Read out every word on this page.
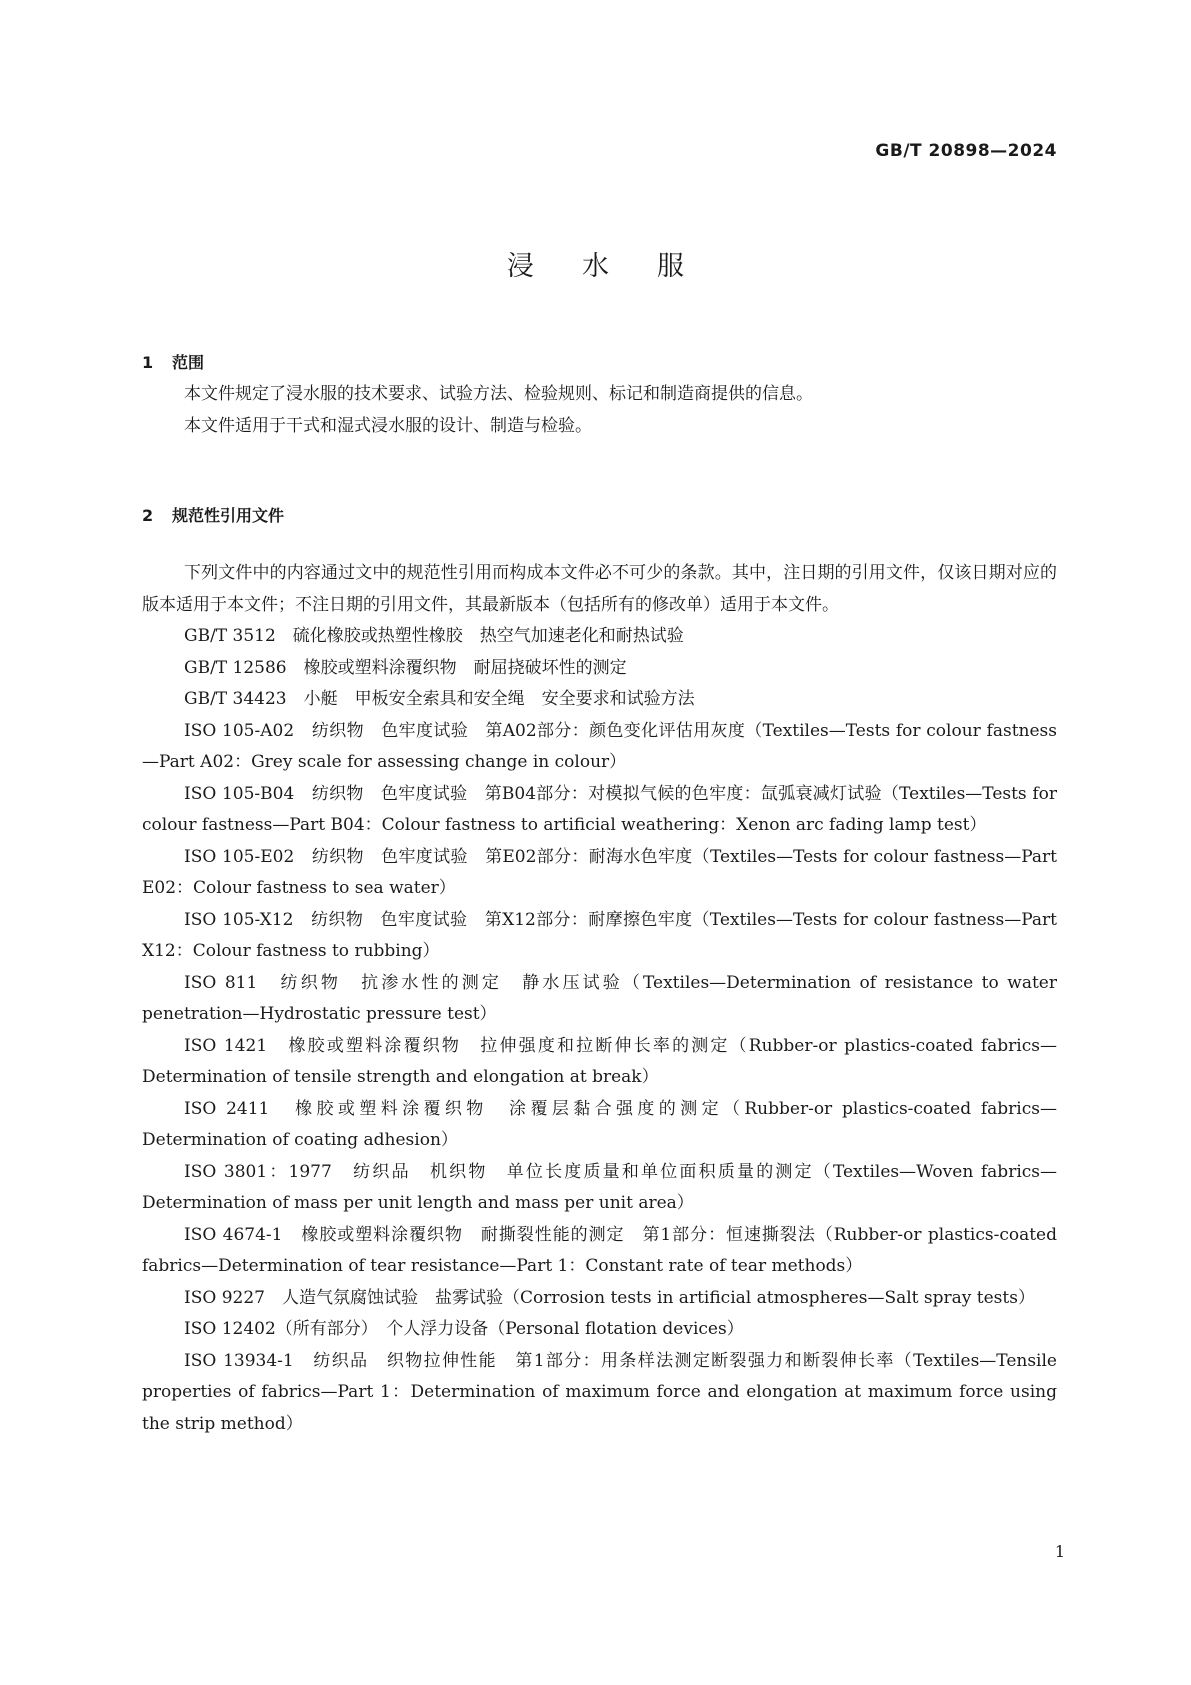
GB/T 20898—2024
浸水服
1 范围

本文件规定了浸水服的技术要求、试验方法、检验规则、标记和制造商提供的信息。

本文件适用于干式和湿式浸水服的设计、制造与检验。

2 规范性引用文件

下列文件中的内容通过文中的规范性引用而构成本文件必不可少的条款。其中，注日期的引用文件，仅该日期对应的版本适用于本文件；不注日期的引用文件，其最新版本（包括所有的修改单）适用于本文件。

GB/T 3512　硫化橡胶或热塑性橡胶　热空气加速老化和耐热试验

GB/T 12586　橡胶或塑料涂覆织物　耐屈挠破坏性的测定

GB/T 34423　小艇　甲板安全索具和安全绳　安全要求和试验方法

ISO 105-A02　纺织物　色牢度试验　第A02部分：颜色变化评估用灰度（Textiles—Tests for colour fastness—Part A02：Grey scale for assessing change in colour）

ISO 105-B04　纺织物　色牢度试验　第B04部分：对模拟气候的色牢度：氙弧衰减灯试验（Textiles—Tests for colour fastness—Part B04：Colour fastness to artificial weathering：Xenon arc fading lamp test）

ISO 105-E02　纺织物　色牢度试验　第E02部分：耐海水色牢度（Textiles—Tests for colour fastness—Part E02：Colour fastness to sea water）

ISO 105-X12　纺织物　色牢度试验　第X12部分：耐摩擦色牢度（Textiles—Tests for colour fastness—Part X12：Colour fastness to rubbing）

ISO 811　纺织物　抗渗水性的测定　静水压试验（Textiles—Determination of resistance to water penetration—Hydrostatic pressure test）

ISO 1421　橡胶或塑料涂覆织物　拉伸强度和拉断伸长率的测定（Rubber-or plastics-coated fabrics—Determination of tensile strength and elongation at break）

ISO 2411　橡胶或塑料涂覆织物　涂覆层黏合强度的测定（Rubber-or plastics-coated fabrics—Determination of coating adhesion）

ISO 3801：1977　纺织品　机织物　单位长度质量和单位面积质量的测定（Textiles—Woven fabrics—Determination of mass per unit length and mass per unit area）

ISO 4674-1　橡胶或塑料涂覆织物　耐撕裂性能的测定　第1部分：恒速撕裂法（Rubber-or plastics-coated fabrics—Determination of tear resistance—Part 1：Constant rate of tear methods）

ISO 9227　人造气氛腐蚀试验　盐雾试验（Corrosion tests in artificial atmospheres—Salt spray tests）

ISO 12402（所有部分）　个人浮力设备（Personal flotation devices）

ISO 13934-1　纺织品　织物拉伸性能　第1部分：用条样法测定断裂强力和断裂伸长率（Textiles—Tensile properties of fabrics—Part 1：Determination of maximum force and elongation at maximum force using the strip method）

1
